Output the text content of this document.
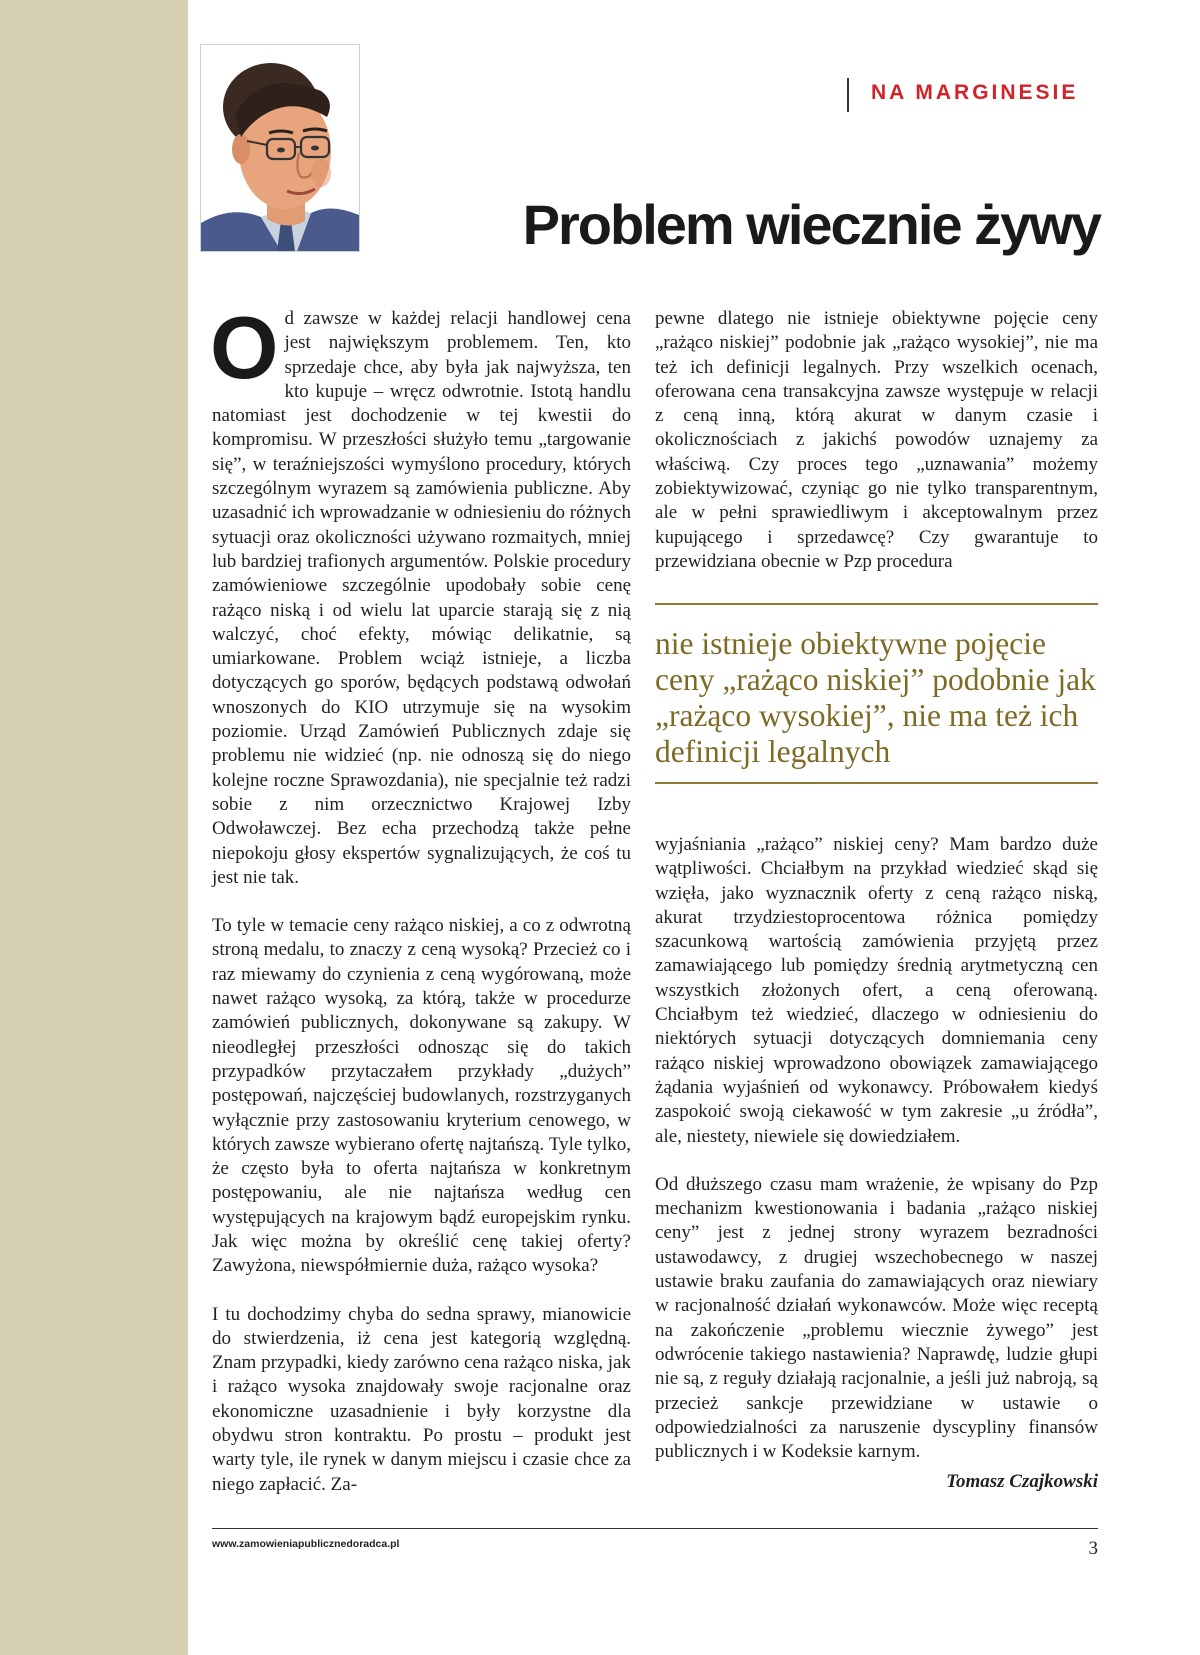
NA MARGINESIE
Problem wiecznie żywy

Od zawsze w każdej relacji handlowej cena jest największym problemem. Ten, kto sprzedaje chce, aby była jak najwyższa, ten kto kupuje – wręcz odwrotnie. Istotą handlu natomiast jest dochodzenie w tej kwestii do kompromisu. W przeszłości służyło temu „targowanie się”, w teraźniejszości wymyślono procedury, których szczególnym wyrazem są zamówienia publiczne. Aby uzasadnić ich wprowadzanie w odniesieniu do różnych sytuacji oraz okoliczności używano rozmaitych, mniej lub bardziej trafionych argumentów. Polskie procedury zamówieniowe szczególnie upodobały sobie cenę rażąco niską i od wielu lat uparcie starają się z nią walczyć, choć efekty, mówiąc delikatnie, są umiarkowane. Problem wciąż istnieje, a liczba dotyczących go sporów, będących podstawą odwołań wnoszonych do KIO utrzymuje się na wysokim poziomie. Urząd Zamówień Publicznych zdaje się problemu nie widzieć (np. nie odnoszą się do niego kolejne roczne Sprawozdania), nie specjalnie też radzi sobie z nim orzecznictwo Krajowej Izby Odwoławczej. Bez echa przechodzą także pełne niepokoju głosy ekspertów sygnalizujących, że coś tu jest nie tak.

To tyle w temacie ceny rażąco niskiej, a co z odwrotną stroną medalu, to znaczy z ceną wysoką? Przecież co i raz miewamy do czynienia z ceną wygórowaną, może nawet rażąco wysoką, za którą, także w procedurze zamówień publicznych, dokonywane są zakupy. W nieodległej przeszłości odnosząc się do takich przypadków przytaczałem przykłady „dużych” postępowań, najczęściej budowlanych, rozstrzyganych wyłącznie przy zastosowaniu kryterium cenowego, w których zawsze wybierano ofertę najtańszą. Tyle tylko, że często była to oferta najtańsza w konkretnym postępowaniu, ale nie najtańsza według cen występujących na krajowym bądź europejskim rynku. Jak więc można by określić cenę takiej oferty? Zawyżona, niewspółmiernie duża, rażąco wysoka?

I tu dochodzimy chyba do sedna sprawy, mianowicie do stwierdzenia, iż cena jest kategorią względną. Znam przypadki, kiedy zarówno cena rażąco niska, jak i rażąco wysoka znajdowały swoje racjonalne oraz ekonomiczne uzasadnienie i były korzystne dla obydwu stron kontraktu. Po prostu – produkt jest warty tyle, ile rynek w danym miejscu i czasie chce za niego zapłacić. Za-

pewne dlatego nie istnieje obiektywne pojęcie ceny „rażąco niskiej” podobnie jak „rażąco wysokiej”, nie ma też ich definicji legalnych. Przy wszelkich ocenach, oferowana cena transakcyjna zawsze występuje w relacji z ceną inną, którą akurat w danym czasie i okolicznościach z jakichś powodów uznajemy za właściwą. Czy proces tego „uznawania” możemy zobiektywizować, czyniąc go nie tylko transparentnym, ale w pełni sprawiedliwym i akceptowalnym przez kupującego i sprzedawcę? Czy gwarantuje to przewidziana obecnie w Pzp procedura

nie istnieje obiektywne pojęcie ceny „rażąco niskiej” podobnie jak „rażąco wysokiej”, nie ma też ich definicji legalnych

wyjaśniania „rażąco” niskiej ceny? Mam bardzo duże wątpliwości. Chciałbym na przykład wiedzieć skąd się wzięła, jako wyznacznik oferty z ceną rażąco niską, akurat trzydziestoprocentowa różnica pomiędzy szacunkową wartością zamówienia przyjętą przez zamawiającego lub pomiędzy średnią arytmetyczną cen wszystkich złożonych ofert, a ceną oferowaną. Chciałbym też wiedzieć, dlaczego w odniesieniu do niektórych sytuacji dotyczących domniemania ceny rażąco niskiej wprowadzono obowiązek zamawiającego żądania wyjaśnień od wykonawcy. Próbowałem kiedyś zaspokoić swoją ciekawość w tym zakresie „u źródła”, ale, niestety, niewiele się dowiedziałem.

Od dłuższego czasu mam wrażenie, że wpisany do Pzp mechanizm kwestionowania i badania „rażąco niskiej ceny” jest z jednej strony wyrazem bezradności ustawodawcy, z drugiej wszechobecnego w naszej ustawie braku zaufania do zamawiających oraz niewiary w racjonalność działań wykonawców. Może więc receptą na zakończenie „problemu wiecznie żywego” jest odwrócenie takiego nastawienia? Naprawdę, ludzie głupi nie są, z reguły działają racjonalnie, a jeśli już nabroją, są przecież sankcje przewidziane w ustawie o odpowiedzialności za naruszenie dyscypliny finansów publicznych i w Kodeksie karnym.

Tomasz Czajkowski
www.zamowieniapublicznedoradca.pl	3
